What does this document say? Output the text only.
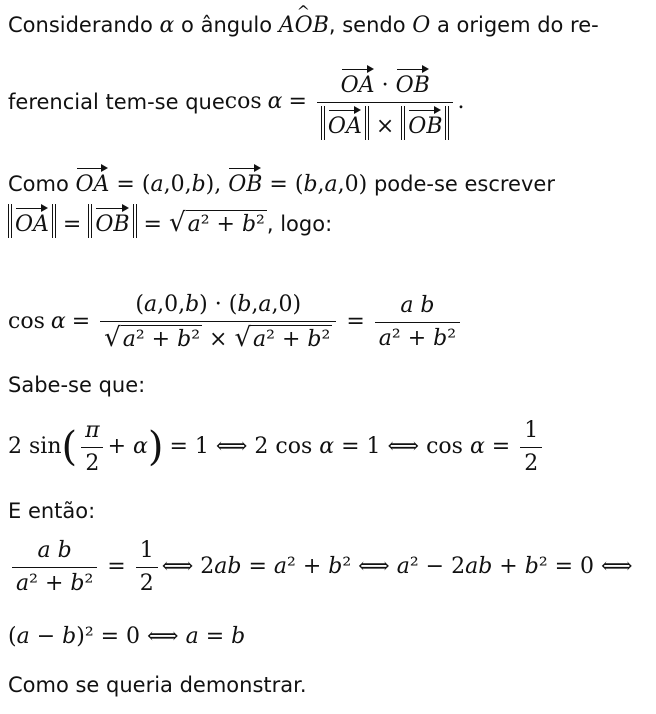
Considerando α o ângulo A^ OB, sendo O a origem do re-
ferencial tem-se que $\cos \alpha = \frac{OA \cdot OB}{OA \times OB}$ .
Como OA = (a,0,b), OB = (b,a,0) pode-se escrever
OA = OB = √ a² + b² , logo:
$\cos \alpha = \frac{(a,0,b) \cdot (b,a,0)}{\text{√ a² + b² × √ a² + b²}} = \frac{\text{a b}}{\text{a² + b²}}$
Sabe-se que:
2 sin ( $\frac{\pi}{2} + \alpha$ ) = 1 ⟺ 2 cos α = 1 ⟺ $\cos \alpha = \frac{1}{2}$
E então:
$\frac{\text{a b}}{\text{a² + b²}} = \frac{1}{2}$ ⟺ 2ab = a² + b² ⟺ a² − 2ab + b² = 0 ⟺
(a − b)² = 0 ⟺ a = b
Como se queria demonstrar.
